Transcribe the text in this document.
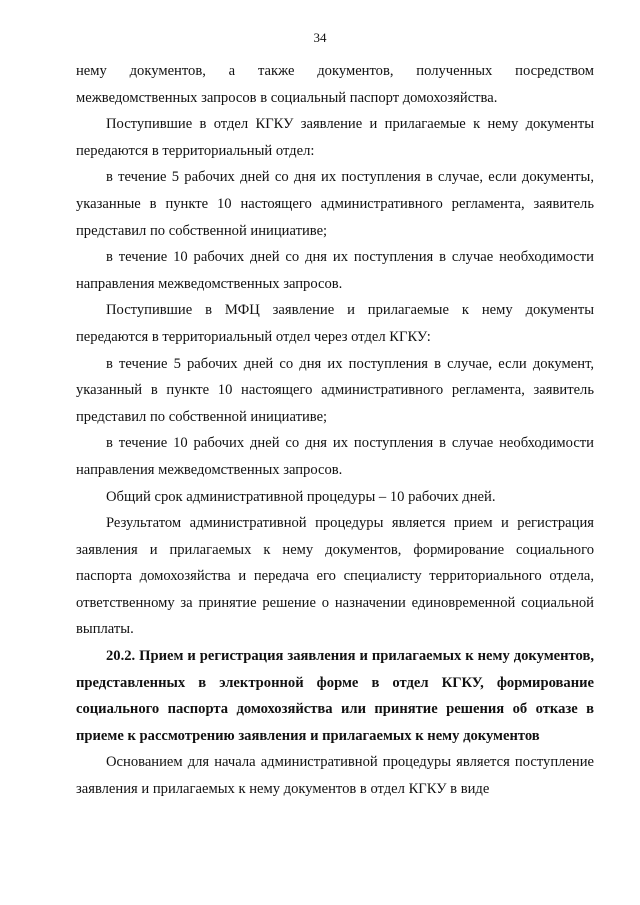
34

нему документов, а также документов, полученных посредством межведомственных запросов в социальный паспорт домохозяйства.

Поступившие в отдел КГКУ заявление и прилагаемые к нему документы передаются в территориальный отдел:

в течение 5 рабочих дней со дня их поступления в случае, если документы, указанные в пункте 10 настоящего административного регламента, заявитель представил по собственной инициативе;

в течение 10 рабочих дней со дня их поступления в случае необходимости направления межведомственных запросов.

Поступившие в МФЦ заявление и прилагаемые к нему документы передаются в территориальный отдел через отдел КГКУ:

в течение 5 рабочих дней со дня их поступления в случае, если документ, указанный в пункте 10 настоящего административного регламента, заявитель представил по собственной инициативе;

в течение 10 рабочих дней со дня их поступления в случае необходимости направления межведомственных запросов.

Общий срок административной процедуры – 10 рабочих дней.

Результатом административной процедуры является прием и регистрация заявления и прилагаемых к нему документов, формирование социального паспорта домохозяйства и передача его специалисту территориального отдела, ответственному за принятие решение о назначении единовременной социальной выплаты.

20.2. Прием и регистрация заявления и прилагаемых к нему документов, представленных в электронной форме в отдел КГКУ, формирование социального паспорта домохозяйства или принятие решения об отказе в приеме к рассмотрению заявления и прилагаемых к нему документов

Основанием для начала административной процедуры является поступление заявления и прилагаемых к нему документов в отдел КГКУ в виде
